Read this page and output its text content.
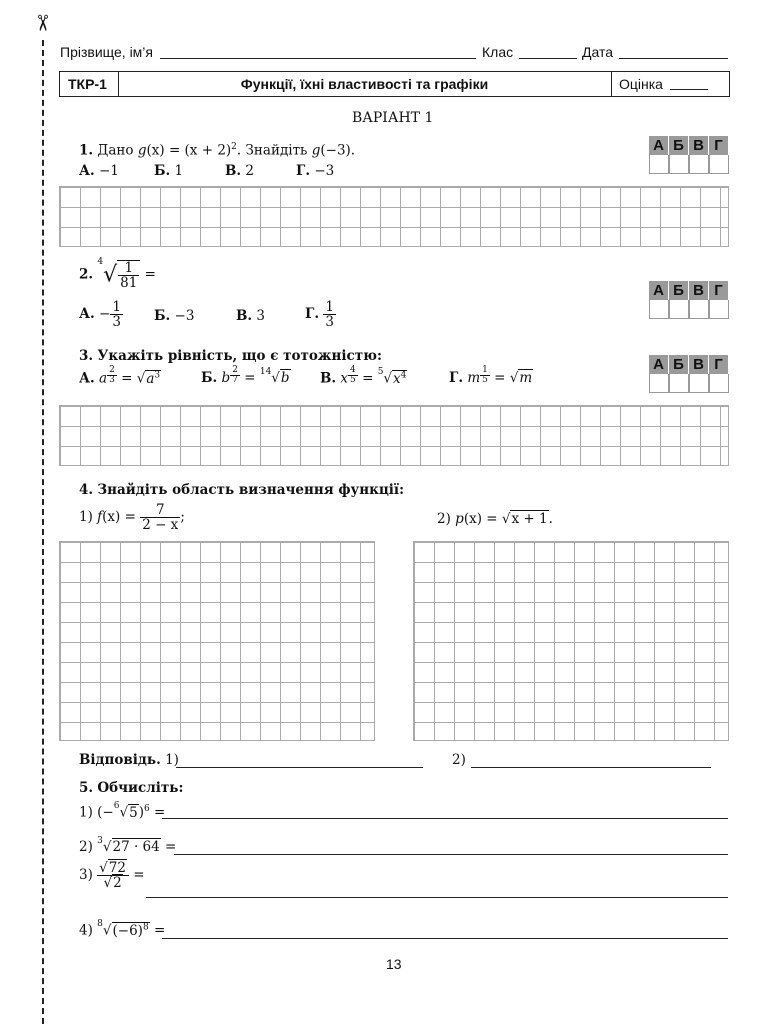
✂
Прізвище, ім’я	Клас	Дата
ТКР-1	Функції, їхні властивості та графіки	Оцінка
ВАРІАНТ 1
А Б В Г
А Б В Г
А Б В Г
1. Дано $g(x) = (x + 2)^2$. Знайдіть g(−3).
А. −1	Б. 1	В. 2	Г. −3
2. $^4√ \frac{1}{81}$ =
А. − $\frac{1}{3} Б$. −3	В. 3	Г. $\frac{1}{3}$
3. Укажіть рівність, що є тотожністю:
А. a $\frac{2}{3} = √a^3$	Б. b $\frac{2}{7} = ^{14}√b$ В. x $\frac{4}{5} = ^5√x^4$	Г. m $\frac{1}{5} = √m$
4. Знайдіть область визначення функції:
1) $f(x) = \frac{7}{2 - x}$ ;	2) p(x) = √x + 1.
Відповідь. 1)	2)
5. Обчисліть:
1) $(-^6√5)^6$ =
2) $^3$√27 · 64 =
$3) \frac{√72}{√2}$ =
4) $^8√(-6)^8$ =
13
